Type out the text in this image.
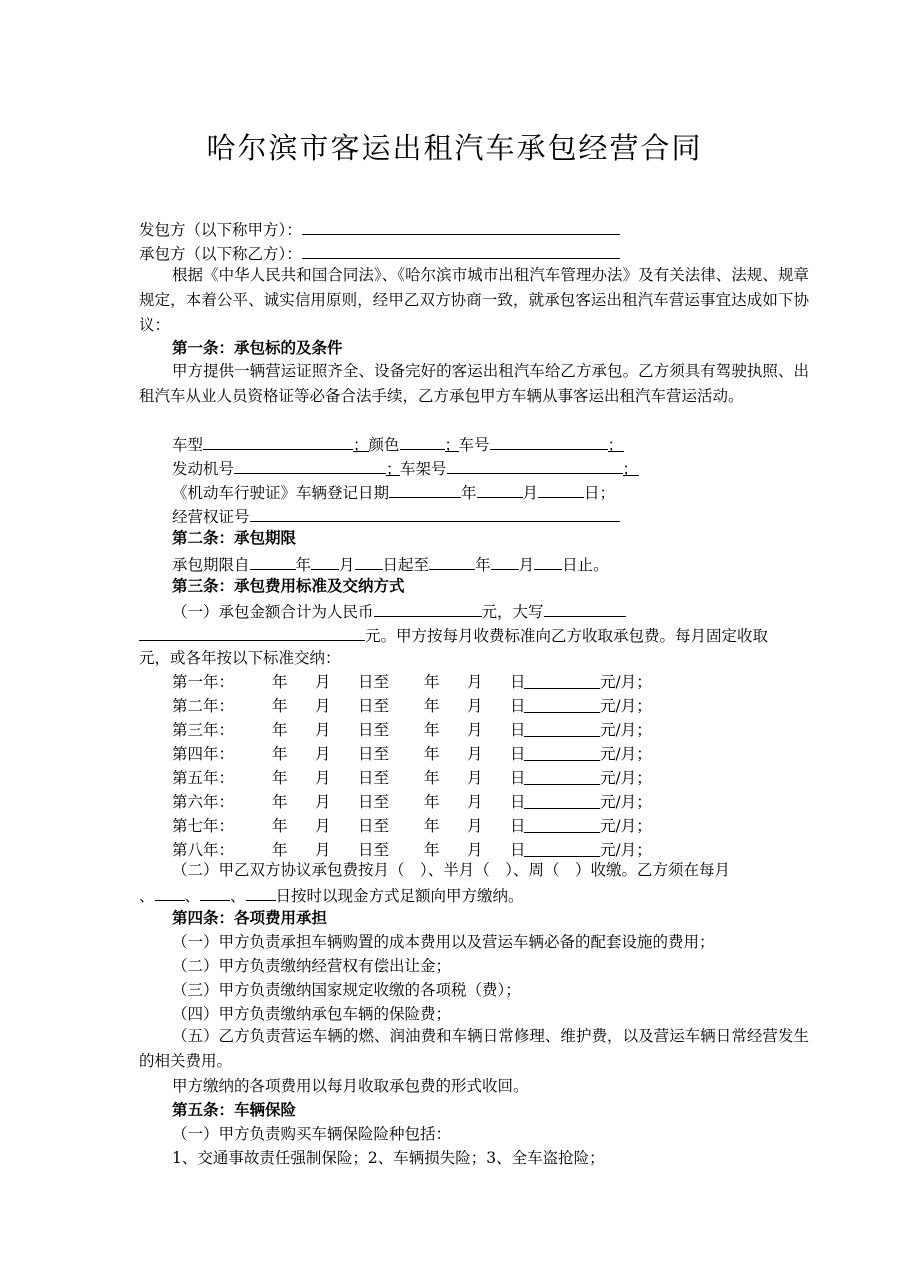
哈尔滨市客运出租汽车承包经营合同
发包方（以下称甲方）：
承包方（以下称乙方）：
根据《中华人民共和国合同法》、《哈尔滨市城市出租汽车管理办法》及有关法律、法规、规章规定，本着公平、诚实信用原则，经甲乙双方协商一致，就承包客运出租汽车营运事宜达成如下协议：
第一条：承包标的及条件
甲方提供一辆营运证照齐全、设备完好的客运出租汽车给乙方承包。乙方须具有驾驶执照、出租汽车从业人员资格证等必备合法手续，乙方承包甲方车辆从事客运出租汽车营运活动。
车型	；颜色	；车号	；
发动机号	；车架号	；
《机动车行驶证》车辆登记日期	年	月	日；
经营权证号
第二条：承包期限
承包期限自	年 月 日起至	年 月 日止。
第三条：承包费用标准及交纳方式
（一）承包金额合计为人民币	元，大写
元。甲方按每月收费标准向乙方收取承包费。每月固定收取
元，或各年按以下标准交纳：
第一年： 年 月 日至 年 月 日	元/月；
第二年： 年 月 日至 年 月 日	元/月；
第三年： 年 月 日至 年 月 日	元/月；
第四年： 年 月 日至 年 月 日	元/月；
第五年： 年 月 日至 年 月 日	元/月；
第六年： 年 月 日至 年 月 日	元/月；
第七年： 年 月 日至 年 月 日	元/月；
第八年： 年 月 日至 年 月 日	元/月；
（二）甲乙双方协议承包费按月（　）、半月（　）、周（　）收缴。乙方须在每月
、 、 、 日按时以现金方式足额向甲方缴纳。
第四条：各项费用承担
（一）甲方负责承担车辆购置的成本费用以及营运车辆必备的配套设施的费用；
（二）甲方负责缴纳经营权有偿出让金；
（三）甲方负责缴纳国家规定收缴的各项税（费）；
（四）甲方负责缴纳承包车辆的保险费；
（五）乙方负责营运车辆的燃、润油费和车辆日常修理、维护费，以及营运车辆日常经营发生的相关费用。
甲方缴纳的各项费用以每月收取承包费的形式收回。
第五条：车辆保险
（一）甲方负责购买车辆保险险种包括：
1、交通事故责任强制保险；2、车辆损失险；3、全车盗抢险；
